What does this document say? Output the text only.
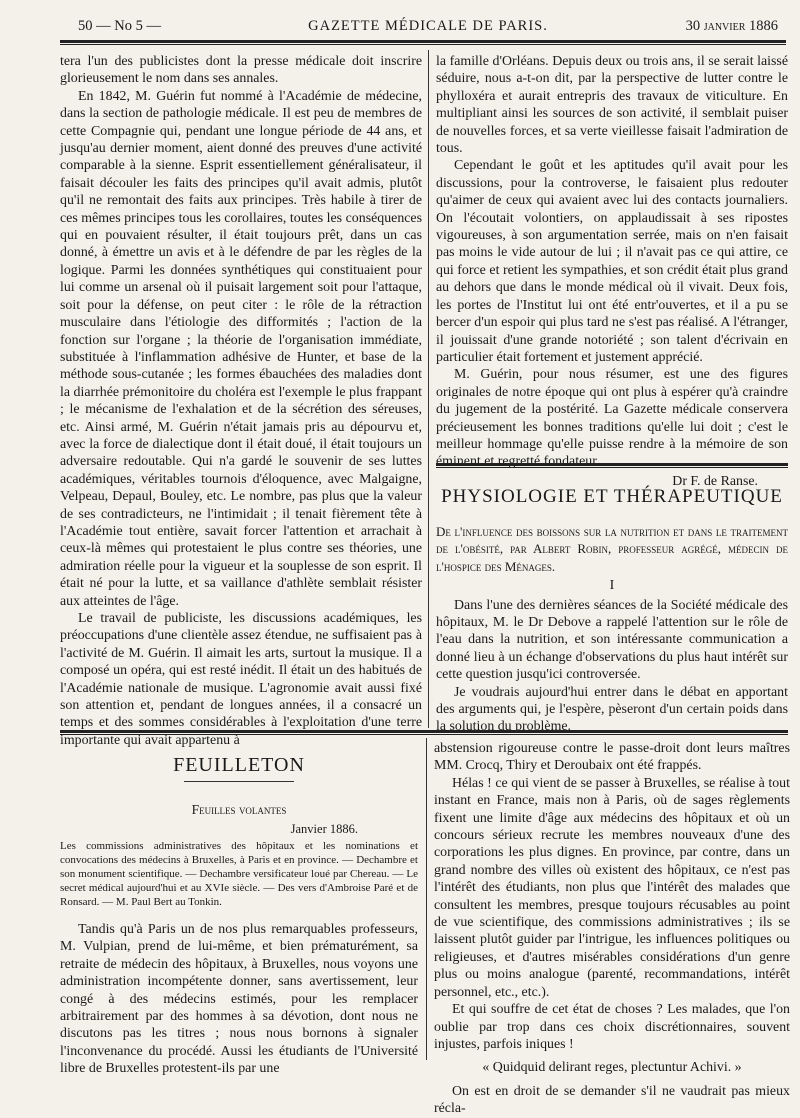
50 — No 5 —	GAZETTE MÉDICALE DE PARIS.	30 janvier 1886

tera l'un des publicistes dont la presse médicale doit inscrire glorieusement le nom dans ses annales.

En 1842, M. Guérin fut nommé à l'Académie de médecine, dans la section de pathologie médicale. Il est peu de membres de cette Compagnie qui, pendant une longue période de 44 ans, et jusqu'au dernier moment, aient donné des preuves d'une activité comparable à la sienne. Esprit essentiellement généralisateur, il faisait découler les faits des principes qu'il avait admis, plutôt qu'il ne remontait des faits aux principes. Très habile à tirer de ces mêmes principes tous les corollaires, toutes les conséquences qui en pouvaient résulter, il était toujours prêt, dans un cas donné, à émettre un avis et à le défendre de par les règles de la logique. Parmi les données synthétiques qui constituaient pour lui comme un arsenal où il puisait largement soit pour l'attaque, soit pour la défense, on peut citer : le rôle de la rétraction musculaire dans l'étiologie des difformités ; l'action de la fonction sur l'organe ; la théorie de l'organisation immédiate, substituée à l'inflammation adhésive de Hunter, et base de la méthode sous-cutanée ; les formes ébauchées des maladies dont la diarrhée prémonitoire du choléra est l'exemple le plus frappant ; le mécanisme de l'exhalation et de la sécrétion des séreuses, etc. Ainsi armé, M. Guérin n'était jamais pris au dépourvu et, avec la force de dialectique dont il était doué, il était toujours un adversaire redoutable. Qui n'a gardé le souvenir de ses luttes académiques, véritables tournois d'éloquence, avec Malgaigne, Velpeau, Depaul, Bouley, etc. Le nombre, pas plus que la valeur de ses contradicteurs, ne l'intimidait ; il tenait fièrement tête à l'Académie tout entière, savait forcer l'attention et arrachait à ceux-là mêmes qui protestaient le plus contre ses théories, une admiration réelle pour la vigueur et la souplesse de son esprit. Il était né pour la lutte, et sa vaillance d'athlète semblait résister aux atteintes de l'âge.

Le travail de publiciste, les discussions académiques, les préoccupations d'une clientèle assez étendue, ne suffisaient pas à l'activité de M. Guérin. Il aimait les arts, surtout la musique. Il a composé un opéra, qui est resté inédit. Il était un des habitués de l'Académie nationale de musique. L'agronomie avait aussi fixé son attention et, pendant de longues années, il a consacré un temps et des sommes considérables à l'exploitation d'une terre importante qui avait appartenu à

la famille d'Orléans. Depuis deux ou trois ans, il se serait laissé séduire, nous a-t-on dit, par la perspective de lutter contre le phylloxéra et aurait entrepris des travaux de viticulture. En multipliant ainsi les sources de son activité, il semblait puiser de nouvelles forces, et sa verte vieillesse faisait l'admiration de tous.

Cependant le goût et les aptitudes qu'il avait pour les discussions, pour la controverse, le faisaient plus redouter qu'aimer de ceux qui avaient avec lui des contacts journaliers. On l'écoutait volontiers, on applaudissait à ses ripostes vigoureuses, à son argumentation serrée, mais on n'en faisait pas moins le vide autour de lui ; il n'avait pas ce qui attire, ce qui force et retient les sympathies, et son crédit était plus grand au dehors que dans le monde médical où il vivait. Deux fois, les portes de l'Institut lui ont été entr'ouvertes, et il a pu se bercer d'un espoir qui plus tard ne s'est pas réalisé. A l'étranger, il jouissait d'une grande notoriété ; son talent d'écrivain en particulier était fortement et justement apprécié.

M. Guérin, pour nous résumer, est une des figures originales de notre époque qui ont plus à espérer qu'à craindre du jugement de la postérité. La Gazette médicale conservera précieusement les bonnes traditions qu'elle lui doit ; c'est le meilleur hommage qu'elle puisse rendre à la mémoire de son éminent et regretté fondateur.

Dr F. de Ranse.
PHYSIOLOGIE ET THÉRAPEUTIQUE

De l'influence des boissons sur la nutrition et dans le traitement de l'obésité, par Albert Robin, professeur agrégé, médecin de l'hospice des Ménages.

I

Dans l'une des dernières séances de la Société médicale des hôpitaux, M. le Dr Debove a rappelé l'attention sur le rôle de l'eau dans la nutrition, et son intéressante communication a donné lieu à un échange d'observations du plus haut intérêt sur cette question jusqu'ici controversée.

Je voudrais aujourd'hui entrer dans le débat en apportant des arguments qui, je l'espère, pèseront d'un certain poids dans la solution du problème.

FEUILLETON
Feuilles volantes
Janvier 1886.

Les commissions administratives des hôpitaux et les nominations et convocations des médecins à Bruxelles, à Paris et en province. — Dechambre et son monument scientifique. — Dechambre versificateur loué par Chereau. — Le secret médical aujourd'hui et au XVIe siècle. — Des vers d'Ambroise Paré et de Ronsard. — M. Paul Bert au Tonkin.

Tandis qu'à Paris un de nos plus remarquables professeurs, M. Vulpian, prend de lui-même, et bien prématurément, sa retraite de médecin des hôpitaux, à Bruxelles, nous voyons une administration incompétente donner, sans avertissement, leur congé à des médecins estimés, pour les remplacer arbitrairement par des hommes à sa dévotion, dont nous ne discutons pas les titres ; nous nous bornons à signaler l'inconvenance du procédé. Aussi les étudiants de l'Université libre de Bruxelles protestent-ils par une

abstension rigoureuse contre le passe-droit dont leurs maîtres MM. Crocq, Thiry et Deroubaix ont été frappés.

Hélas ! ce qui vient de se passer à Bruxelles, se réalise à tout instant en France, mais non à Paris, où de sages règlements fixent une limite d'âge aux médecins des hôpitaux et où un concours sérieux recrute les membres nouveaux d'une des corporations les plus dignes. En province, par contre, dans un grand nombre des villes où existent des hôpitaux, ce n'est pas l'intérêt des étudiants, non plus que l'intérêt des malades que consultent les membres, presque toujours récusables au point de vue scientifique, des commissions administratives ; ils se laissent plutôt guider par l'intrigue, les influences politiques ou religieuses, et d'autres misérables considérations d'un genre plus ou moins analogue (parenté, recommandations, intérêt personnel, etc., etc.).

Et qui souffre de cet état de choses ? Les malades, que l'on oublie par trop dans ces choix discrétionnaires, souvent injustes, parfois iniques !

« Quidquid delirant reges, plectuntur Achivi. »

On est en droit de se demander s'il ne vaudrait pas mieux récla-
